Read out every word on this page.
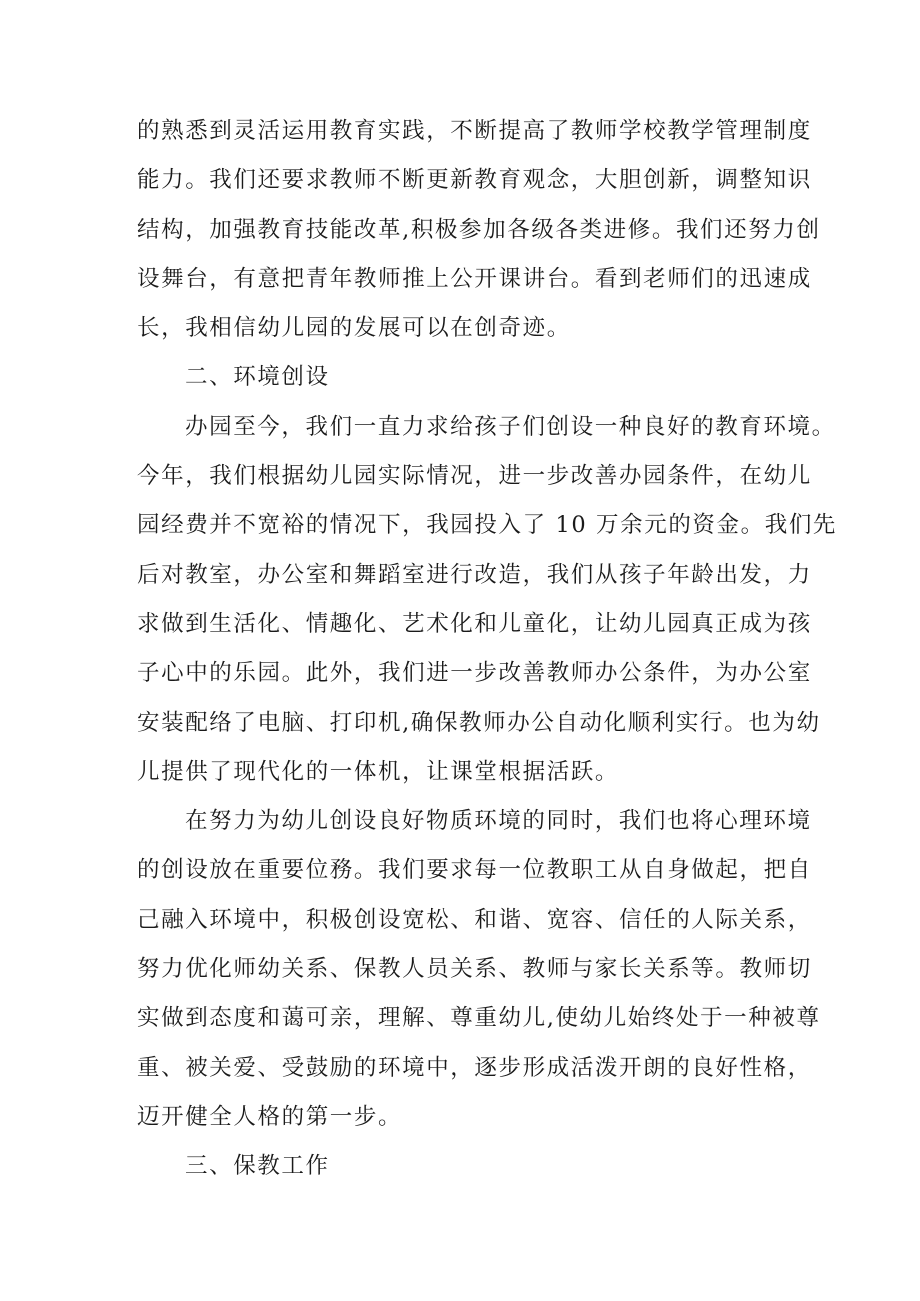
的熟悉到灵活运用教育实践，不断提高了教师学校教学管理制度
能力。我们还要求教师不断更新教育观念，大胆创新，调整知识
结构，加强教育技能改革,积极参加各级各类进修。我们还努力创
设舞台，有意把青年教师推上公开课讲台。看到老师们的迅速成
长，我相信幼儿园的发展可以在创奇迹。
二、环境创设
办园至今，我们一直力求给孩子们创设一种良好的教育环境。
今年，我们根据幼儿园实际情况，进一步改善办园条件，在幼儿
园经费并不宽裕的情况下，我园投入了 10 万余元的资金。我们先
后对教室，办公室和舞蹈室进行改造，我们从孩子年龄出发，力
求做到生活化、情趣化、艺术化和儿童化，让幼儿园真正成为孩
子心中的乐园。此外，我们进一步改善教师办公条件，为办公室
安装配络了电脑、打印机,确保教师办公自动化顺利实行。也为幼
儿提供了现代化的一体机，让课堂根据活跃。
在努力为幼儿创设良好物质环境的同时，我们也将心理环境
的创设放在重要位務。我们要求每一位教职工从自身做起，把自
己融入环境中，积极创设宽松、和谐、宽容、信任的人际关系，
努力优化师幼关系、保教人员关系、教师与家长关系等。教师切
实做到态度和蔼可亲，理解、尊重幼儿,使幼儿始终处于一种被尊
重、被关爱、受鼓励的环境中，逐步形成活泼开朗的良好性格，
迈开健全人格的第一步。
三、保教工作
